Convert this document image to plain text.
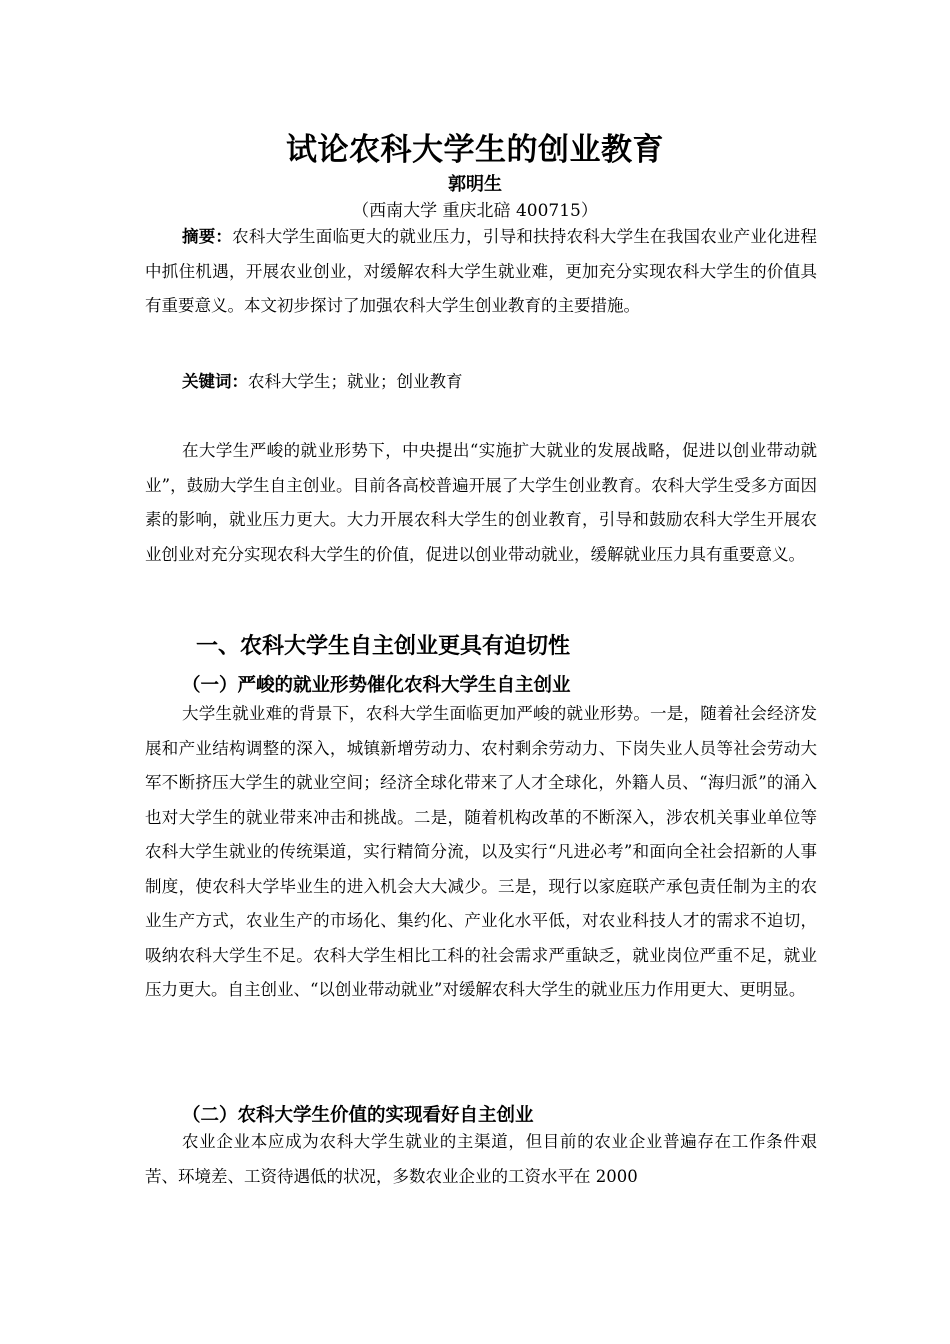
试论农科大学生的创业教育
郭明生
（西南大学 重庆北碚 400715）
摘要：农科大学生面临更大的就业压力，引导和扶持农科大学生在我国农业产业化进程中抓住机遇，开展农业创业，对缓解农科大学生就业难，更加充分实现农科大学生的价值具有重要意义。本文初步探讨了加强农科大学生创业教育的主要措施。
关键词：农科大学生；就业；创业教育
在大学生严峻的就业形势下，中央提出“实施扩大就业的发展战略，促进以创业带动就业”，鼓励大学生自主创业。目前各高校普遍开展了大学生创业教育。农科大学生受多方面因素的影响，就业压力更大。大力开展农科大学生的创业教育，引导和鼓励农科大学生开展农业创业对充分实现农科大学生的价值，促进以创业带动就业，缓解就业压力具有重要意义。
一、农科大学生自主创业更具有迫切性
（一）严峻的就业形势催化农科大学生自主创业
大学生就业难的背景下，农科大学生面临更加严峻的就业形势。一是，随着社会经济发展和产业结构调整的深入，城镇新增劳动力、农村剩余劳动力、下岗失业人员等社会劳动大军不断挤压大学生的就业空间；经济全球化带来了人才全球化，外籍人员、“海归派”的涌入也对大学生的就业带来冲击和挑战。二是，随着机构改革的不断深入，涉农机关事业单位等农科大学生就业的传统渠道，实行精简分流，以及实行“凡进必考”和面向全社会招新的人事制度，使农科大学毕业生的进入机会大大减少。三是，现行以家庭联产承包责任制为主的农业生产方式，农业生产的市场化、集约化、产业化水平低，对农业科技人才的需求不迫切，吸纳农科大学生不足。农科大学生相比工科的社会需求严重缺乏，就业岗位严重不足，就业压力更大。自主创业、“以创业带动就业”对缓解农科大学生的就业压力作用更大、更明显。
（二）农科大学生价值的实现看好自主创业
农业企业本应成为农科大学生就业的主渠道，但目前的农业企业普遍存在工作条件艰苦、环境差、工资待遇低的状况，多数农业企业的工资水平在 2000
